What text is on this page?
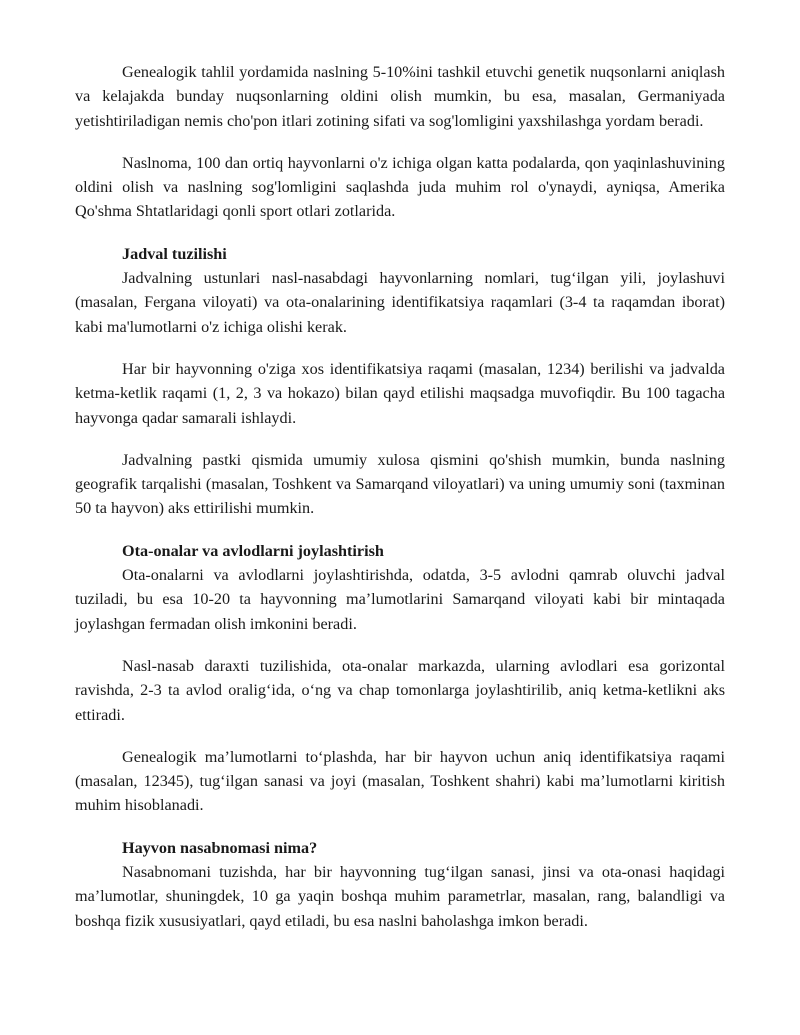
Genealogik tahlil yordamida naslning 5-10%ini tashkil etuvchi genetik nuqsonlarni aniqlash va kelajakda bunday nuqsonlarning oldini olish mumkin, bu esa, masalan, Germaniyada yetishtiriladigan nemis cho'pon itlari zotining sifati va sog'lomligini yaxshilashga yordam beradi.

Naslnoma, 100 dan ortiq hayvonlarni o'z ichiga olgan katta podalarda, qon yaqinlashuvining oldini olish va naslning sog'lomligini saqlashda juda muhim rol o'ynaydi, ayniqsa, Amerika Qo'shma Shtatlaridagi qonli sport otlari zotlarida.

Jadval tuzilishi

Jadvalning ustunlari nasl-nasabdagi hayvonlarning nomlari, tug‘ilgan yili, joylashuvi (masalan, Fergana viloyati) va ota-onalarining identifikatsiya raqamlari (3-4 ta raqamdan iborat) kabi ma'lumotlarni o'z ichiga olishi kerak.

Har bir hayvonning o'ziga xos identifikatsiya raqami (masalan, 1234) berilishi va jadvalda ketma-ketlik raqami (1, 2, 3 va hokazo) bilan qayd etilishi maqsadga muvofiqdir. Bu 100 tagacha hayvonga qadar samarali ishlaydi.

Jadvalning pastki qismida umumiy xulosa qismini qo'shish mumkin, bunda naslning geografik tarqalishi (masalan, Toshkent va Samarqand viloyatlari) va uning umumiy soni (taxminan 50 ta hayvon) aks ettirilishi mumkin.

Ota-onalar va avlodlarni joylashtirish

Ota-onalarni va avlodlarni joylashtirishda, odatda, 3-5 avlodni qamrab oluvchi jadval tuziladi, bu esa 10-20 ta hayvonning ma’lumotlarini Samarqand viloyati kabi bir mintaqada joylashgan fermadan olish imkonini beradi.

Nasl-nasab daraxti tuzilishida, ota-onalar markazda, ularning avlodlari esa gorizontal ravishda, 2-3 ta avlod oralig‘ida, o‘ng va chap tomonlarga joylashtirilib, aniq ketma-ketlikni aks ettiradi.

Genealogik ma’lumotlarni to‘plashda, har bir hayvon uchun aniq identifikatsiya raqami (masalan, 12345), tug‘ilgan sanasi va joyi (masalan, Toshkent shahri) kabi ma’lumotlarni kiritish muhim hisoblanadi.

Hayvon nasabnomasi nima?

Nasabnomani tuzishda, har bir hayvonning tug‘ilgan sanasi, jinsi va ota-onasi haqidagi ma’lumotlar, shuningdek, 10 ga yaqin boshqa muhim parametrlar, masalan, rang, balandligi va boshqa fizik xususiyatlari, qayd etiladi, bu esa naslni baholashga imkon beradi.
